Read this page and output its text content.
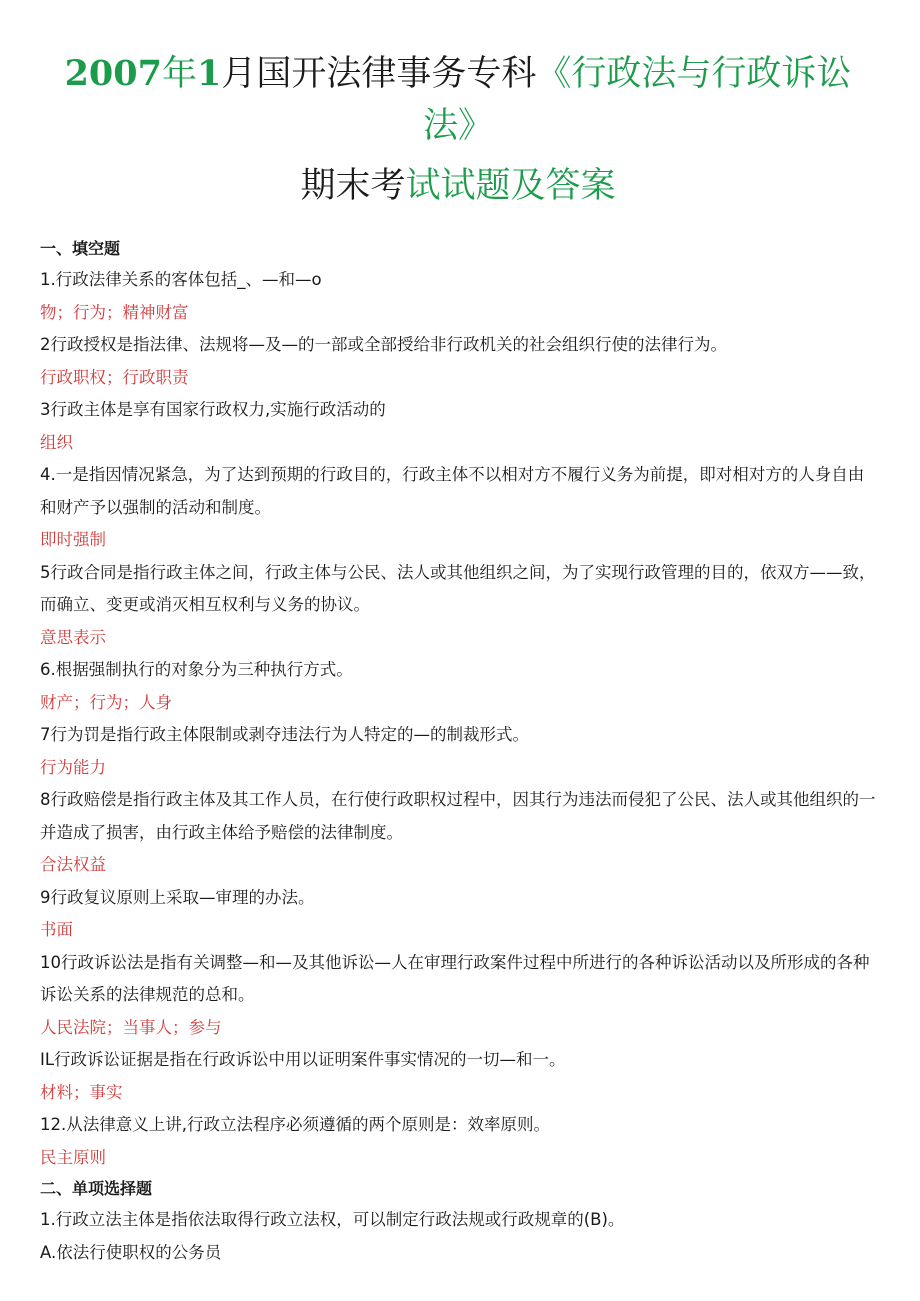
2007年1月国开法律事务专科《行政法与行政诉讼法》
期末考试试题及答案

一、填空题

1.行政法律关系的客体包括_、—和—o

物；行为；精神财富

2行政授权是指法律、法规将—及—的一部或全部授给非行政机关的社会组织行使的法律行为。

行政职权；行政职责

3行政主体是享有国家行政权力,实施行政活动的

组织

4.一是指因情况紧急，为了达到预期的行政目的，行政主体不以相对方不履行义务为前提，即对相对方的人身自由和财产予以强制的活动和制度。

即时强制

5行政合同是指行政主体之间，行政主体与公民、法人或其他组织之间，为了实现行政管理的目的，依双方——致，而确立、变更或消灭相互权利与义务的协议。

意思表示

6.根据强制执行的对象分为三种执行方式。

财产；行为；人身

7行为罚是指行政主体限制或剥夺违法行为人特定的—的制裁形式。

行为能力

8行政赔偿是指行政主体及其工作人员，在行使行政职权过程中，因其行为违法而侵犯了公民、法人或其他组织的一并造成了损害，由行政主体给予赔偿的法律制度。

合法权益

9行政复议原则上采取—审理的办法。

书面

10行政诉讼法是指有关调整—和—及其他诉讼—人在审理行政案件过程中所进行的各种诉讼活动以及所形成的各种诉讼关系的法律规范的总和。

人民法院；当事人；参与

IL行政诉讼证据是指在行政诉讼中用以证明案件事实情况的一切—和一。

材料；事实

12.从法律意义上讲,行政立法程序必须遵循的两个原则是：效率原则。

民主原则

二、单项选择题

1.行政立法主体是指依法取得行政立法权，可以制定行政法规或行政规章的(B)。

A.依法行使职权的公务员
